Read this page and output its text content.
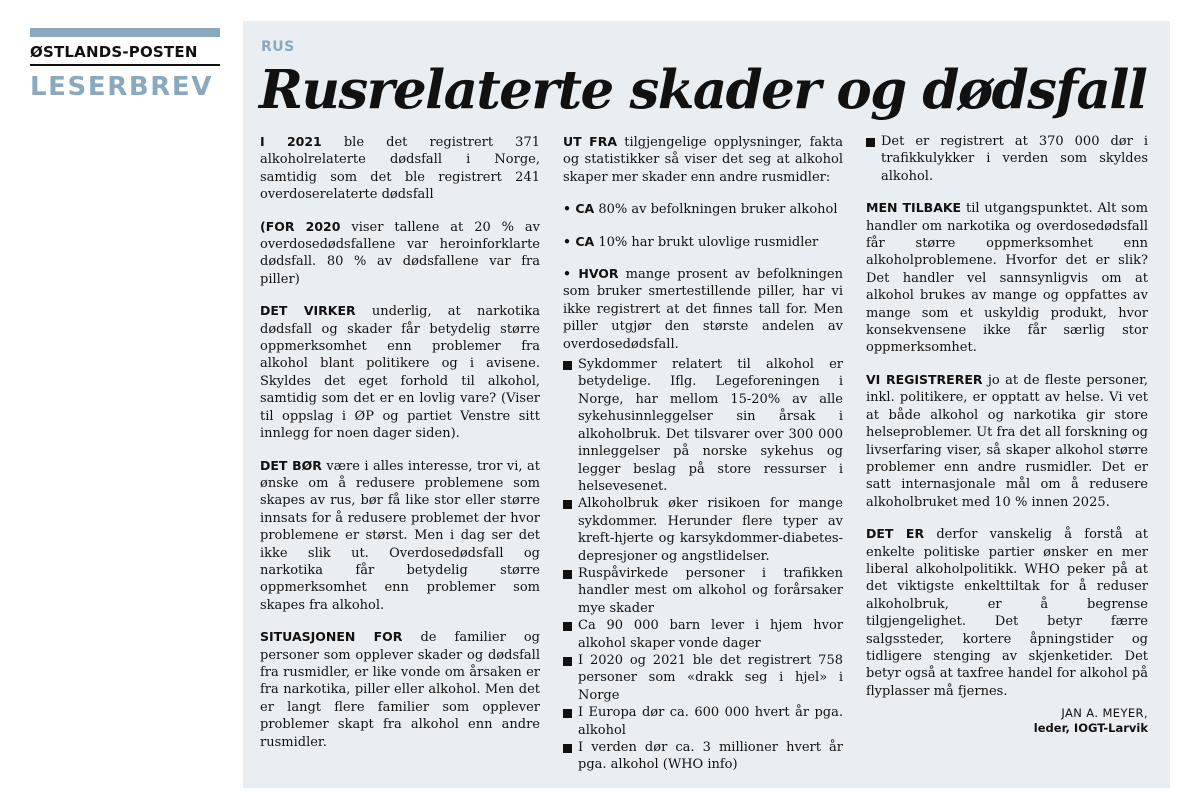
ØSTLANDS-POSTEN
LESERBREV
RUS
Rusrelaterte skader og dødsfall

I 2021 ble det registrert 371 alkoholrelaterte dødsfall i Norge, samtidig som det ble registrert 241 overdoserelaterte dødsfall

(FOR 2020 viser tallene at 20 % av overdosedødsfallene var heroinforklarte dødsfall. 80 % av dødsfallene var fra piller)

DET VIRKER underlig, at narkotika dødsfall og skader får betydelig større oppmerksomhet enn problemer fra alkohol blant politikere og i avisene. Skyldes det eget forhold til alkohol, samtidig som det er en lovlig vare? (Viser til oppslag i ØP og partiet Venstre sitt innlegg for noen dager siden).

DET BØR være i alles interesse, tror vi, at ønske om å redusere problemene som skapes av rus, bør få like stor eller større innsats for å redusere problemet der hvor problemene er størst. Men i dag ser det ikke slik ut. Overdosedødsfall og narkotika får betydelig større oppmerksomhet enn problemer som skapes fra alkohol.

SITUASJONEN FOR de familier og personer som opplever skader og dødsfall fra rusmidler, er like vonde om årsaken er fra narkotika, piller eller alkohol. Men det er langt flere familier som opplever problemer skapt fra alkohol enn andre rusmidler.

UT FRA tilgjengelige opplysninger, fakta og statistikker så viser det seg at alkohol skaper mer skader enn andre rusmidler:

• CA 80% av befolkningen bruker alkohol

• CA 10% har brukt ulovlige rusmidler

• HVOR mange prosent av befolkningen som bruker smertestillende piller, har vi ikke registrert at det finnes tall for. Men piller utgjør den største andelen av overdosedødsfall.

Sykdommer relatert til alkohol er betydelige. Iflg. Legeforeningen i Norge, har mellom 15-20% av alle sykehusinnleggelser sin årsak i alkoholbruk. Det tilsvarer over 300 000 innleggelser på norske sykehus og legger beslag på store ressurser i helsevesenet.
Alkoholbruk øker risikoen for mange sykdommer. Herunder flere typer av kreft-hjerte og karsykdommer-diabetes-depresjoner og angstlidelser.
Ruspåvirkede personer i trafikken handler mest om alkohol og forårsaker mye skader
Ca 90 000 barn lever i hjem hvor alkohol skaper vonde dager
I 2020 og 2021 ble det registrert 758 personer som «drakk seg i hjel» i Norge
I Europa dør ca. 600 000 hvert år pga. alkohol
I verden dør ca. 3 millioner hvert år pga. alkohol (WHO info)
Det er registrert at 370 000 dør i trafikkulykker i verden som skyldes alkohol.

MEN TILBAKE til utgangspunktet. Alt som handler om narkotika og overdosedødsfall får større oppmerksomhet enn alkoholproblemene. Hvorfor det er slik? Det handler vel sannsynligvis om at alkohol brukes av mange og oppfattes av mange som et uskyldig produkt, hvor konsekvensene ikke får særlig stor oppmerksomhet.

VI REGISTRERER jo at de fleste personer, inkl. politikere, er opptatt av helse. Vi vet at både alkohol og narkotika gir store helseproblemer. Ut fra det all forskning og livserfaring viser, så skaper alkohol større problemer enn andre rusmidler. Det er satt internasjonale mål om å redusere alkoholbruket med 10 % innen 2025.

DET ER derfor vanskelig å forstå at enkelte politiske partier ønsker en mer liberal alkoholpolitikk. WHO peker på at det viktigste enkelttiltak for å reduser alkoholbruk, er å begrense tilgjengelighet. Det betyr færre salgssteder, kortere åpningstider og tidligere stenging av skjenketider. Det betyr også at taxfree handel for alkohol på flyplasser må fjernes.

JAN A. MEYER,
leder, IOGT-Larvik
